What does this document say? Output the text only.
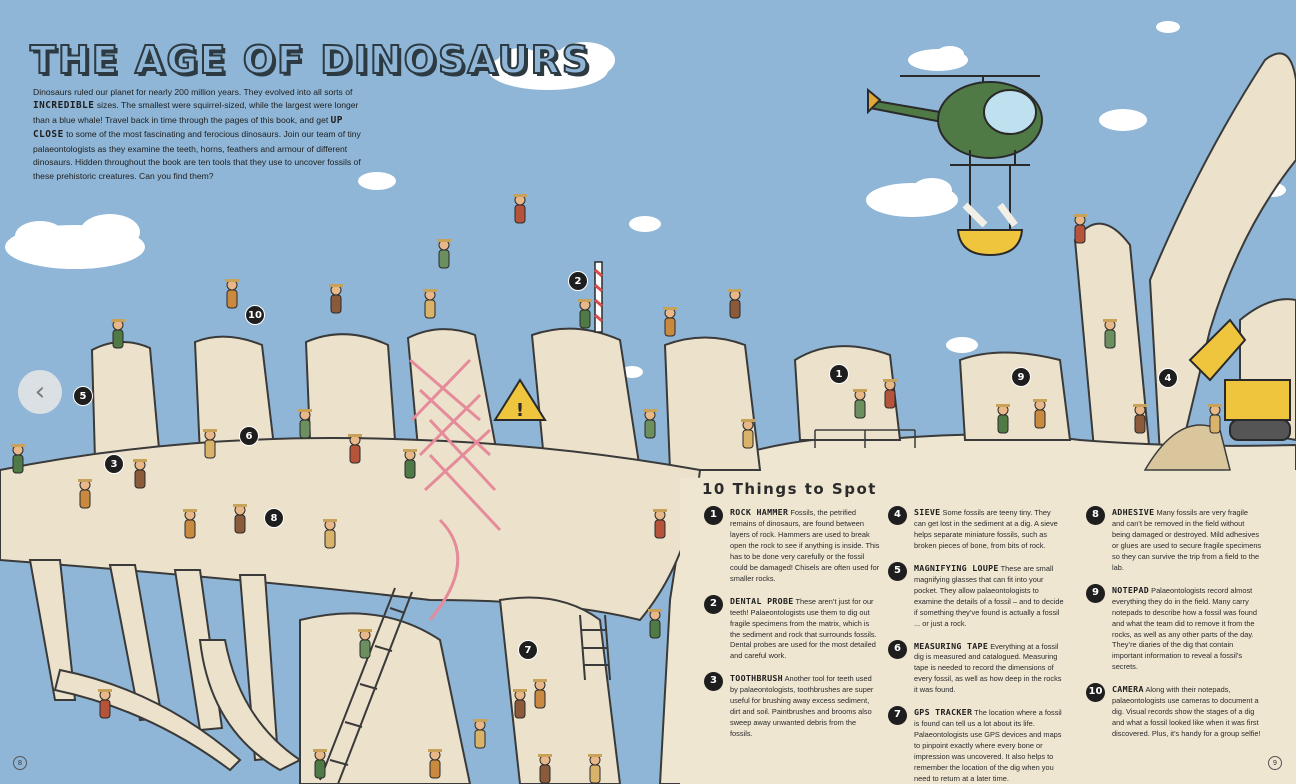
!
THE AGE OF DINOSAURS
Dinosaurs ruled our planet for nearly 200 million years. They evolved into all sorts of INCREDIBLE sizes. The smallest were squirrel-sized, while the largest were longer than a blue whale! Travel back in time through the pages of this book, and get UP CLOSE to some of the most fascinating and ferocious dinosaurs. Join our team of tiny palaeontologists as they examine the teeth, horns, feathers and armour of different dinosaurs. Hidden throughout the book are ten tools that they use to uncover fossils of these prehistoric creatures. Can you find them?
‹
1
2
3
4
5
6
7
8
9
10
10 Things to Spot
1	ROCK HAMMER Fossils, the petrified remains of dinosaurs, are found between layers of rock. Hammers are used to break open the rock to see if anything is inside. This has to be done very carefully or the fossil could be damaged! Chisels are often used for smaller rocks.
2	DENTAL PROBE These aren’t just for our teeth! Palaeontologists use them to dig out fragile specimens from the matrix, which is the sediment and rock that surrounds fossils. Dental probes are used for the most detailed and careful work.
3	TOOTHBRUSH Another tool for teeth used by palaeontologists, toothbrushes are super useful for brushing away excess sediment, dirt and soil. Paintbrushes and brooms also sweep away unwanted debris from the fossils.
4	SIEVE Some fossils are teeny tiny. They can get lost in the sediment at a dig. A sieve helps separate miniature fossils, such as broken pieces of bone, from bits of rock.
5	MAGNIFYING LOUPE These are small magnifying glasses that can fit into your pocket. They allow palaeontologists to examine the details of a fossil – and to decide if something they’ve found is actually a fossil ... or just a rock.
6	MEASURING TAPE Everything at a fossil dig is measured and catalogued. Measuring tape is needed to record the dimensions of every fossil, as well as how deep in the rocks it was found.
7	GPS TRACKER The location where a fossil is found can tell us a lot about its life. Palaeontologists use GPS devices and maps to pinpoint exactly where every bone or impression was uncovered. It also helps to remember the location of the dig when you need to return at a later time.
8	ADHESIVE Many fossils are very fragile and can’t be removed in the field without being damaged or destroyed. Mild adhesives or glues are used to secure fragile specimens so they can survive the trip from a field to the lab.
9	NOTEPAD Palaeontologists record almost everything they do in the field. Many carry notepads to describe how a fossil was found and what the team did to remove it from the rocks, as well as any other parts of the day. They’re diaries of the dig that contain important information to reveal a fossil’s secrets.
10	CAMERA Along with their notepads, palaeontologists use cameras to document a dig. Visual records show the stages of a dig and what a fossil looked like when it was first discovered. Plus, it’s handy for a group selfie!
8	9
